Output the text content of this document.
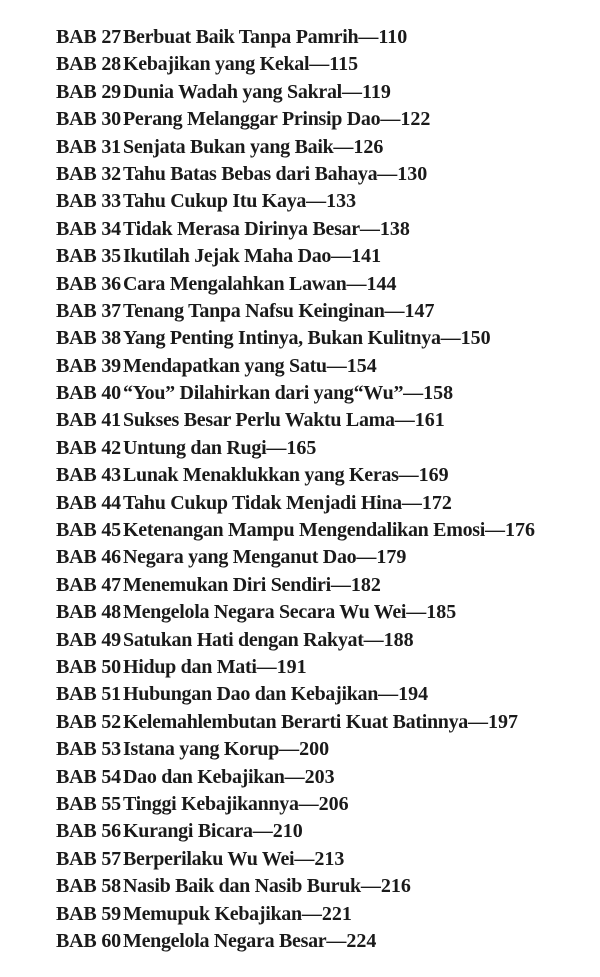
BAB 27 Berbuat Baik Tanpa Pamrih — 110
BAB 28 Kebajikan yang Kekal — 115
BAB 29 Dunia Wadah yang Sakral — 119
BAB 30 Perang Melanggar Prinsip Dao — 122
BAB 31 Senjata Bukan yang Baik — 126
BAB 32 Tahu Batas Bebas dari Bahaya — 130
BAB 33 Tahu Cukup Itu Kaya — 133
BAB 34 Tidak Merasa Dirinya Besar — 138
BAB 35 Ikutilah Jejak Maha Dao — 141
BAB 36 Cara Mengalahkan Lawan — 144
BAB 37 Tenang Tanpa Nafsu Keinginan — 147
BAB 38 Yang Penting Intinya, Bukan Kulitnya — 150
BAB 39 Mendapatkan yang Satu — 154
BAB 40 “You” Dilahirkan dari yang“Wu” — 158
BAB 41 Sukses Besar Perlu Waktu Lama — 161
BAB 42 Untung dan Rugi — 165
BAB 43 Lunak Menaklukkan yang Keras — 169
BAB 44 Tahu Cukup Tidak Menjadi Hina — 172
BAB 45 Ketenangan Mampu Mengendalikan Emosi — 176
BAB 46 Negara yang Menganut Dao — 179
BAB 47 Menemukan Diri Sendiri — 182
BAB 48 Mengelola Negara Secara Wu Wei — 185
BAB 49 Satukan Hati dengan Rakyat — 188
BAB 50 Hidup dan Mati — 191
BAB 51 Hubungan Dao dan Kebajikan — 194
BAB 52 Kelemahlembutan Berarti Kuat Batinnya — 197
BAB 53 Istana yang Korup — 200
BAB 54 Dao dan Kebajikan — 203
BAB 55 Tinggi Kebajikannya — 206
BAB 56 Kurangi Bicara — 210
BAB 57 Berperilaku Wu Wei — 213
BAB 58 Nasib Baik dan Nasib Buruk — 216
BAB 59 Memupuk Kebajikan — 221
BAB 60 Mengelola Negara Besar — 224
